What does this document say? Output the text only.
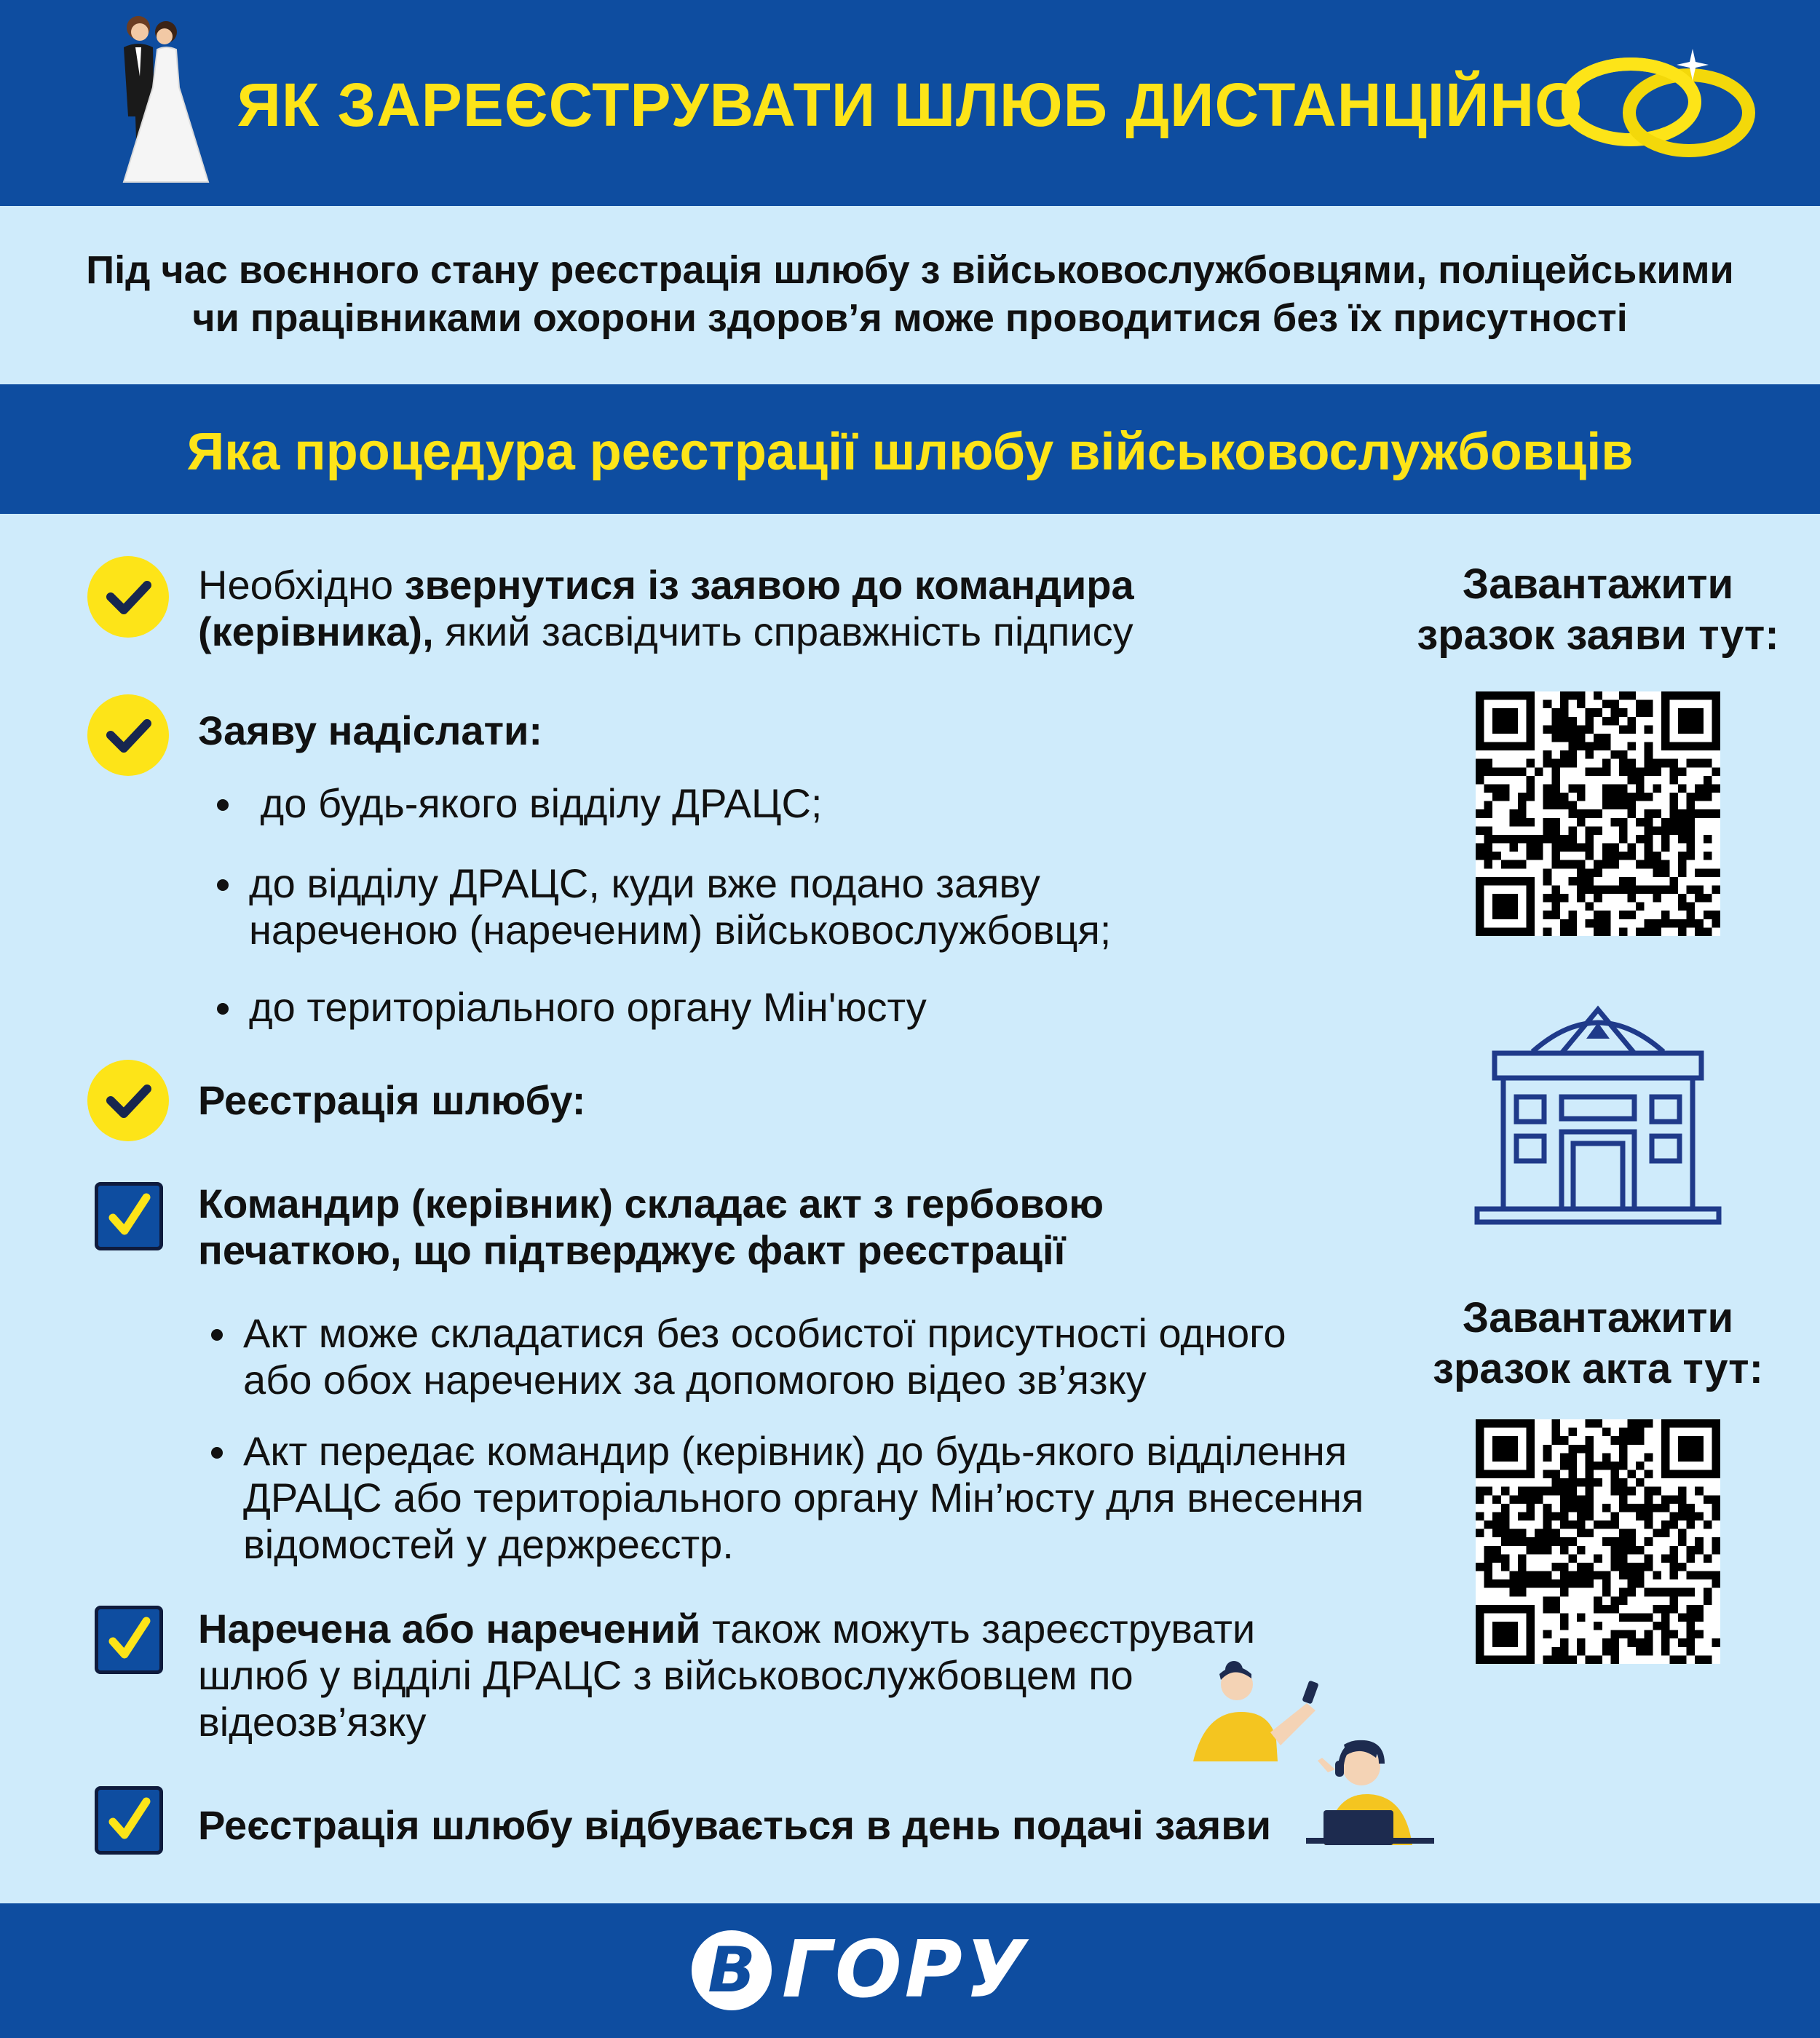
ЯК ЗАРЕЄСТРУВАТИ ШЛЮБ ДИСТАНЦІЙНО
Під час воєнного стану реєстрація шлюбу з військовослужбовцями, поліцейськими
чи працівниками охорони здоров’я може проводитися без їх присутності
Яка процедура реєстрації шлюбу військовослужбовців
Необхідно звернутися із заявою до командира
(керівника), який засвідчить справжність підпису
Заяву надіслати:
до будь-якого відділу ДРАЦС;
до відділу ДРАЦС, куди вже подано заяву
нареченою (нареченим) військовослужбовця;
до територіального органу Мін'юсту
Реєстрація шлюбу:
Командир (керівник) складає акт з гербовою
печаткою, що підтверджує факт реєстрації
Акт може складатися без особистої присутності одного
або обох наречених за допомогою відео зв’язку
Акт передає командир (керівник) до будь-якого відділення
ДРАЦС або територіального органу Мін’юсту для внесення
відомостей у держреєстр.
Наречена або наречений також можуть зареєструвати
шлюб у відділі ДРАЦС з військовослужбовцем по
відеозв’язку
Реєстрація шлюбу відбувається в день подачі заяви
Завантажити
зразок заяви тут:
Завантажити
зразок акта тут:
В ГОРУ
